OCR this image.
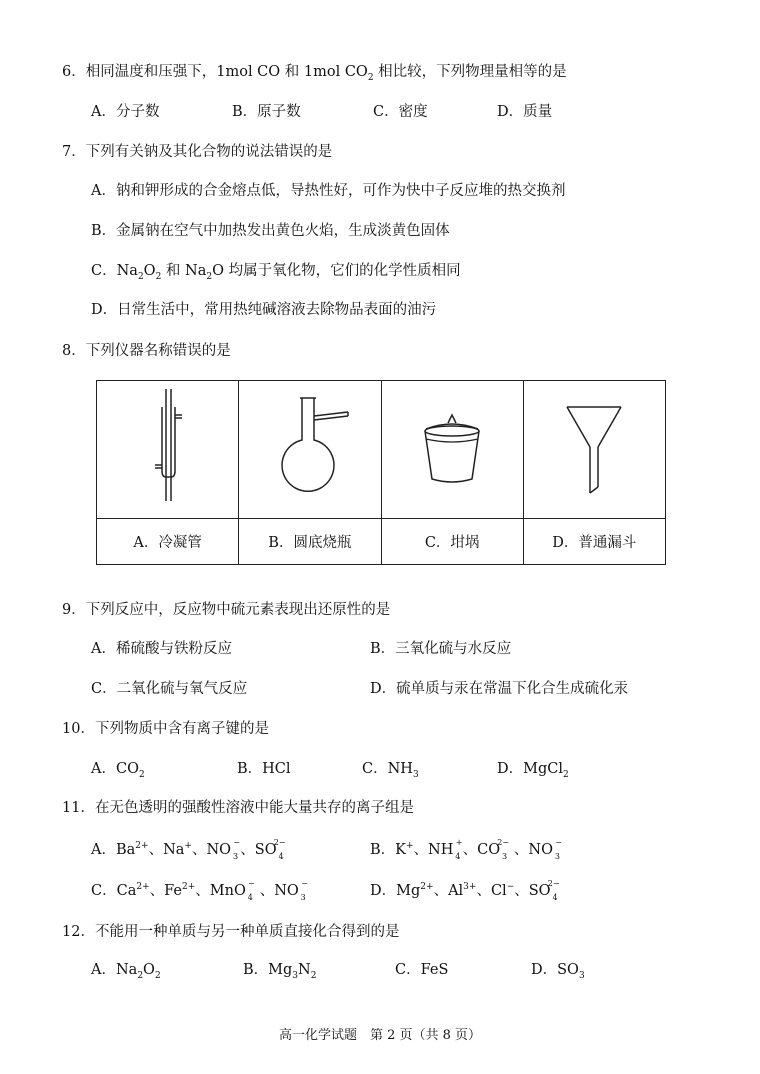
6．相同温度和压强下，1mol CO 和 1mol $CO_2$ 相比较，下列物理量相等的是
A．分子数	B．原子数	C．密度	D．质量
7．下列有关钠及其化合物的说法错误的是
A．钠和钾形成的合金熔点低，导热性好，可作为快中子反应堆的热交换剂
B．金属钠在空气中加热发出黄色火焰，生成淡黄色固体
C．$Na_2O_2$ 和 $Na_2O$ 均属于氧化物，它们的化学性质相同
D．日常生活中，常用热纯碱溶液去除物品表面的油污
8．下列仪器名称错误的是

A．冷凝管	B．圆底烧瓶	C．坩埚	D．普通漏斗
9．下列反应中，反应物中硫元素表现出还原性的是
A．稀硫酸与铁粉反应	B．三氧化硫与水反应
C．二氧化硫与氧气反应	D．硫单质与汞在常温下化合生成硫化汞
10．下列物质中含有离子键的是
A．$CO_2$	B．HCl	C．$NH_3$	D．MgCl$_2$
11．在无色透明的强酸性溶液中能大量共存的离子组是
A．$Ba^{2+}$、Na+、NO 3
− 、SO 4
2−	B．K+、NH 4
+ 、CO 3
2− 、NO 3
−
C．$Ca^{2+}$、$Fe^{2+}$、MnO 4
− 、NO 3
−	D．$Mg^{2+}$、$Al^{3+}$、Cl−、SO 4
2−
12．不能用一种单质与另一种单质直接化合得到的是
A．$Na_2O_2$	B．$Mg_3N_2$	C．FeS	D．$SO_3$
高一化学试题　第 2 页（共 8 页）
